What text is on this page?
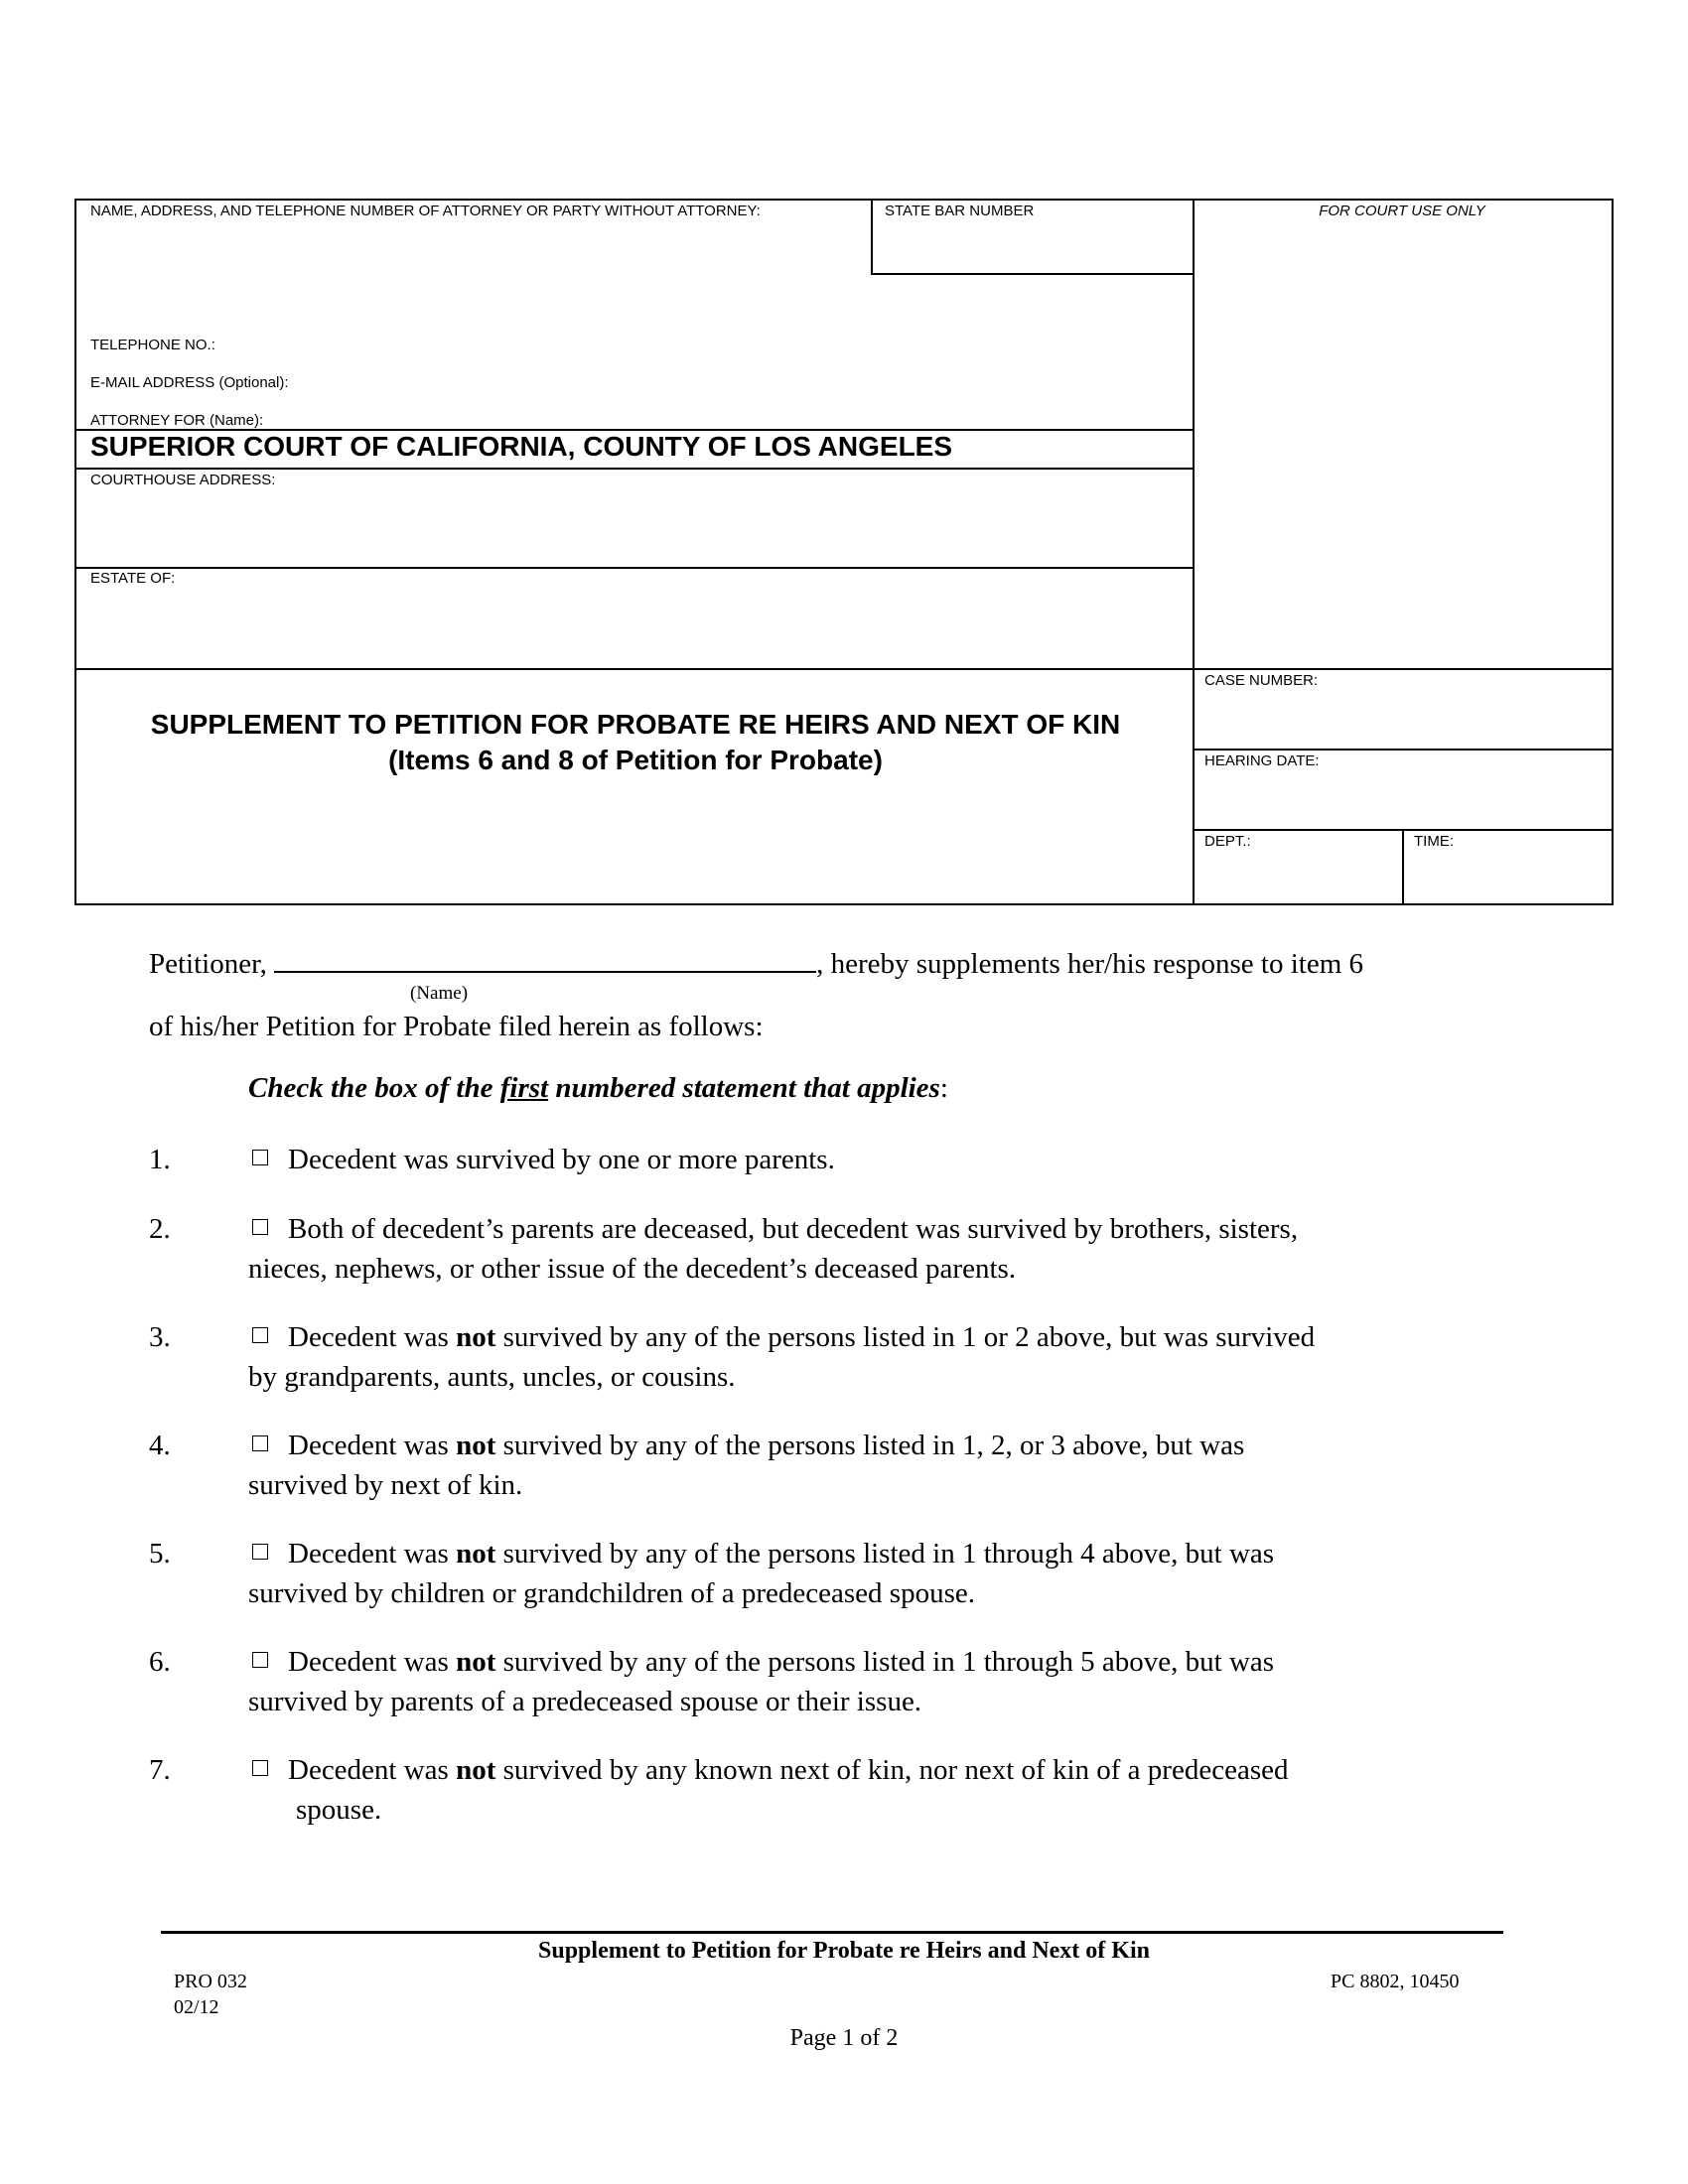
NAME, ADDRESS, AND TELEPHONE NUMBER OF ATTORNEY OR PARTY WITHOUT ATTORNEY:	STATE BAR NUMBER	FOR COURT USE ONLY
TELEPHONE NO.:
E-MAIL ADDRESS (Optional):
ATTORNEY FOR (Name):
SUPERIOR COURT OF CALIFORNIA, COUNTY OF LOS ANGELES
COURTHOUSE ADDRESS:
ESTATE OF:
CASE NUMBER:
HEARING DATE:
DEPT.:	TIME:
SUPPLEMENT TO PETITION FOR PROBATE RE HEIRS AND NEXT OF KIN
(Items 6 and 8 of Petition for Probate)
Petitioner,	, hereby supplements her/his response to item 6
(Name)
of his/her Petition for Probate filed herein as follows:
Check the box of the first numbered statement that applies:
1.	Decedent was survived by one or more parents.
2.	Both of decedent’s parents are deceased, but decedent was survived by brothers, sisters,
nieces, nephews, or other issue of the decedent’s deceased parents.
3.	Decedent was not survived by any of the persons listed in 1 or 2 above, but was survived
by grandparents, aunts, uncles, or cousins.
4.	Decedent was not survived by any of the persons listed in 1, 2, or 3 above, but was
survived by next of kin.
5.	Decedent was not survived by any of the persons listed in 1 through 4 above, but was
survived by children or grandchildren of a predeceased spouse.
6.	Decedent was not survived by any of the persons listed in 1 through 5 above, but was
survived by parents of a predeceased spouse or their issue.
7.	Decedent was not survived by any known next of kin, nor next of kin of a predeceased
spouse.
Supplement to Petition for Probate re Heirs and Next of Kin
PRO 032
02/12
PC 8802, 10450
Page 1 of 2
